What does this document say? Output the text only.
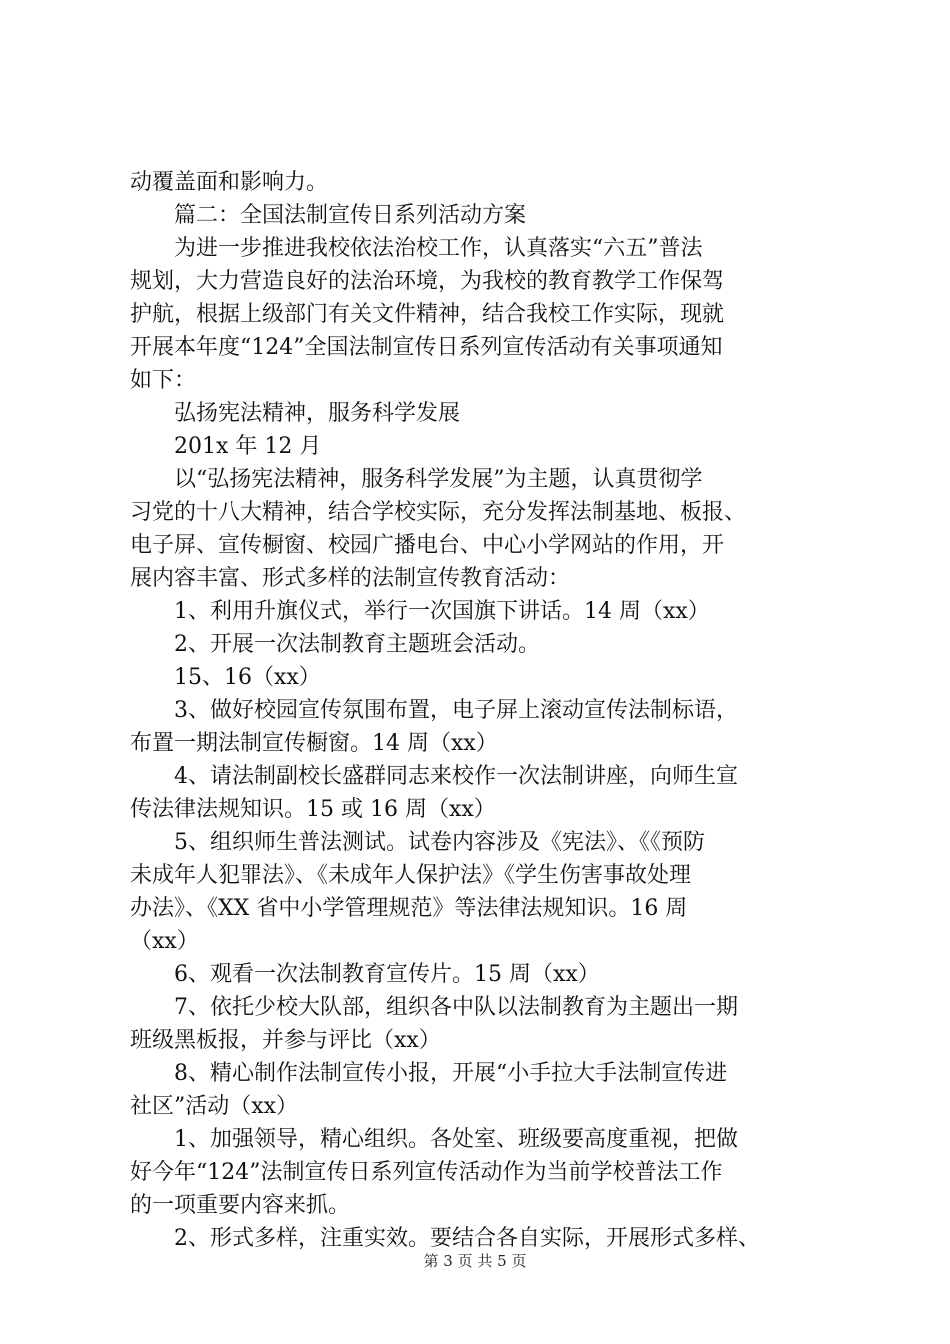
动覆盖面和影响力。
篇二：全国法制宣传日系列活动方案
为进一步推进我校依法治校工作，认真落实“六五”普法
规划，大力营造良好的法治环境，为我校的教育教学工作保驾
护航，根据上级部门有关文件精神，结合我校工作实际，现就
开展本年度“124”全国法制宣传日系列宣传活动有关事项通知
如下：
弘扬宪法精神，服务科学发展
201x 年 12 月
以“弘扬宪法精神，服务科学发展”为主题，认真贯彻学
习党的十八大精神，结合学校实际，充分发挥法制基地、板报、
电子屏、宣传橱窗、校园广播电台、中心小学网站的作用，开
展内容丰富、形式多样的法制宣传教育活动：
1、利用升旗仪式，举行一次国旗下讲话。14 周（xx）
2、开展一次法制教育主题班会活动。
15、16（xx）
3、做好校园宣传氛围布置，电子屏上滚动宣传法制标语，
布置一期法制宣传橱窗。14 周（xx）
4、请法制副校长盛群同志来校作一次法制讲座，向师生宣
传法律法规知识。15 或 16 周（xx）
5、组织师生普法测试。试卷内容涉及《宪法》、《《预防
未成年人犯罪法》、《未成年人保护法》《学生伤害事故处理
办法》、《XX 省中小学管理规范》等法律法规知识。16 周
（xx）
6、观看一次法制教育宣传片。15 周（xx）
7、依托少校大队部，组织各中队以法制教育为主题出一期
班级黑板报，并参与评比（xx）
8、精心制作法制宣传小报，开展“小手拉大手法制宣传进
社区”活动（xx）
1、加强领导，精心组织。各处室、班级要高度重视，把做
好今年“124”法制宣传日系列宣传活动作为当前学校普法工作
的一项重要内容来抓。
2、形式多样，注重实效。要结合各自实际，开展形式多样、
第 3 页 共 5 页
